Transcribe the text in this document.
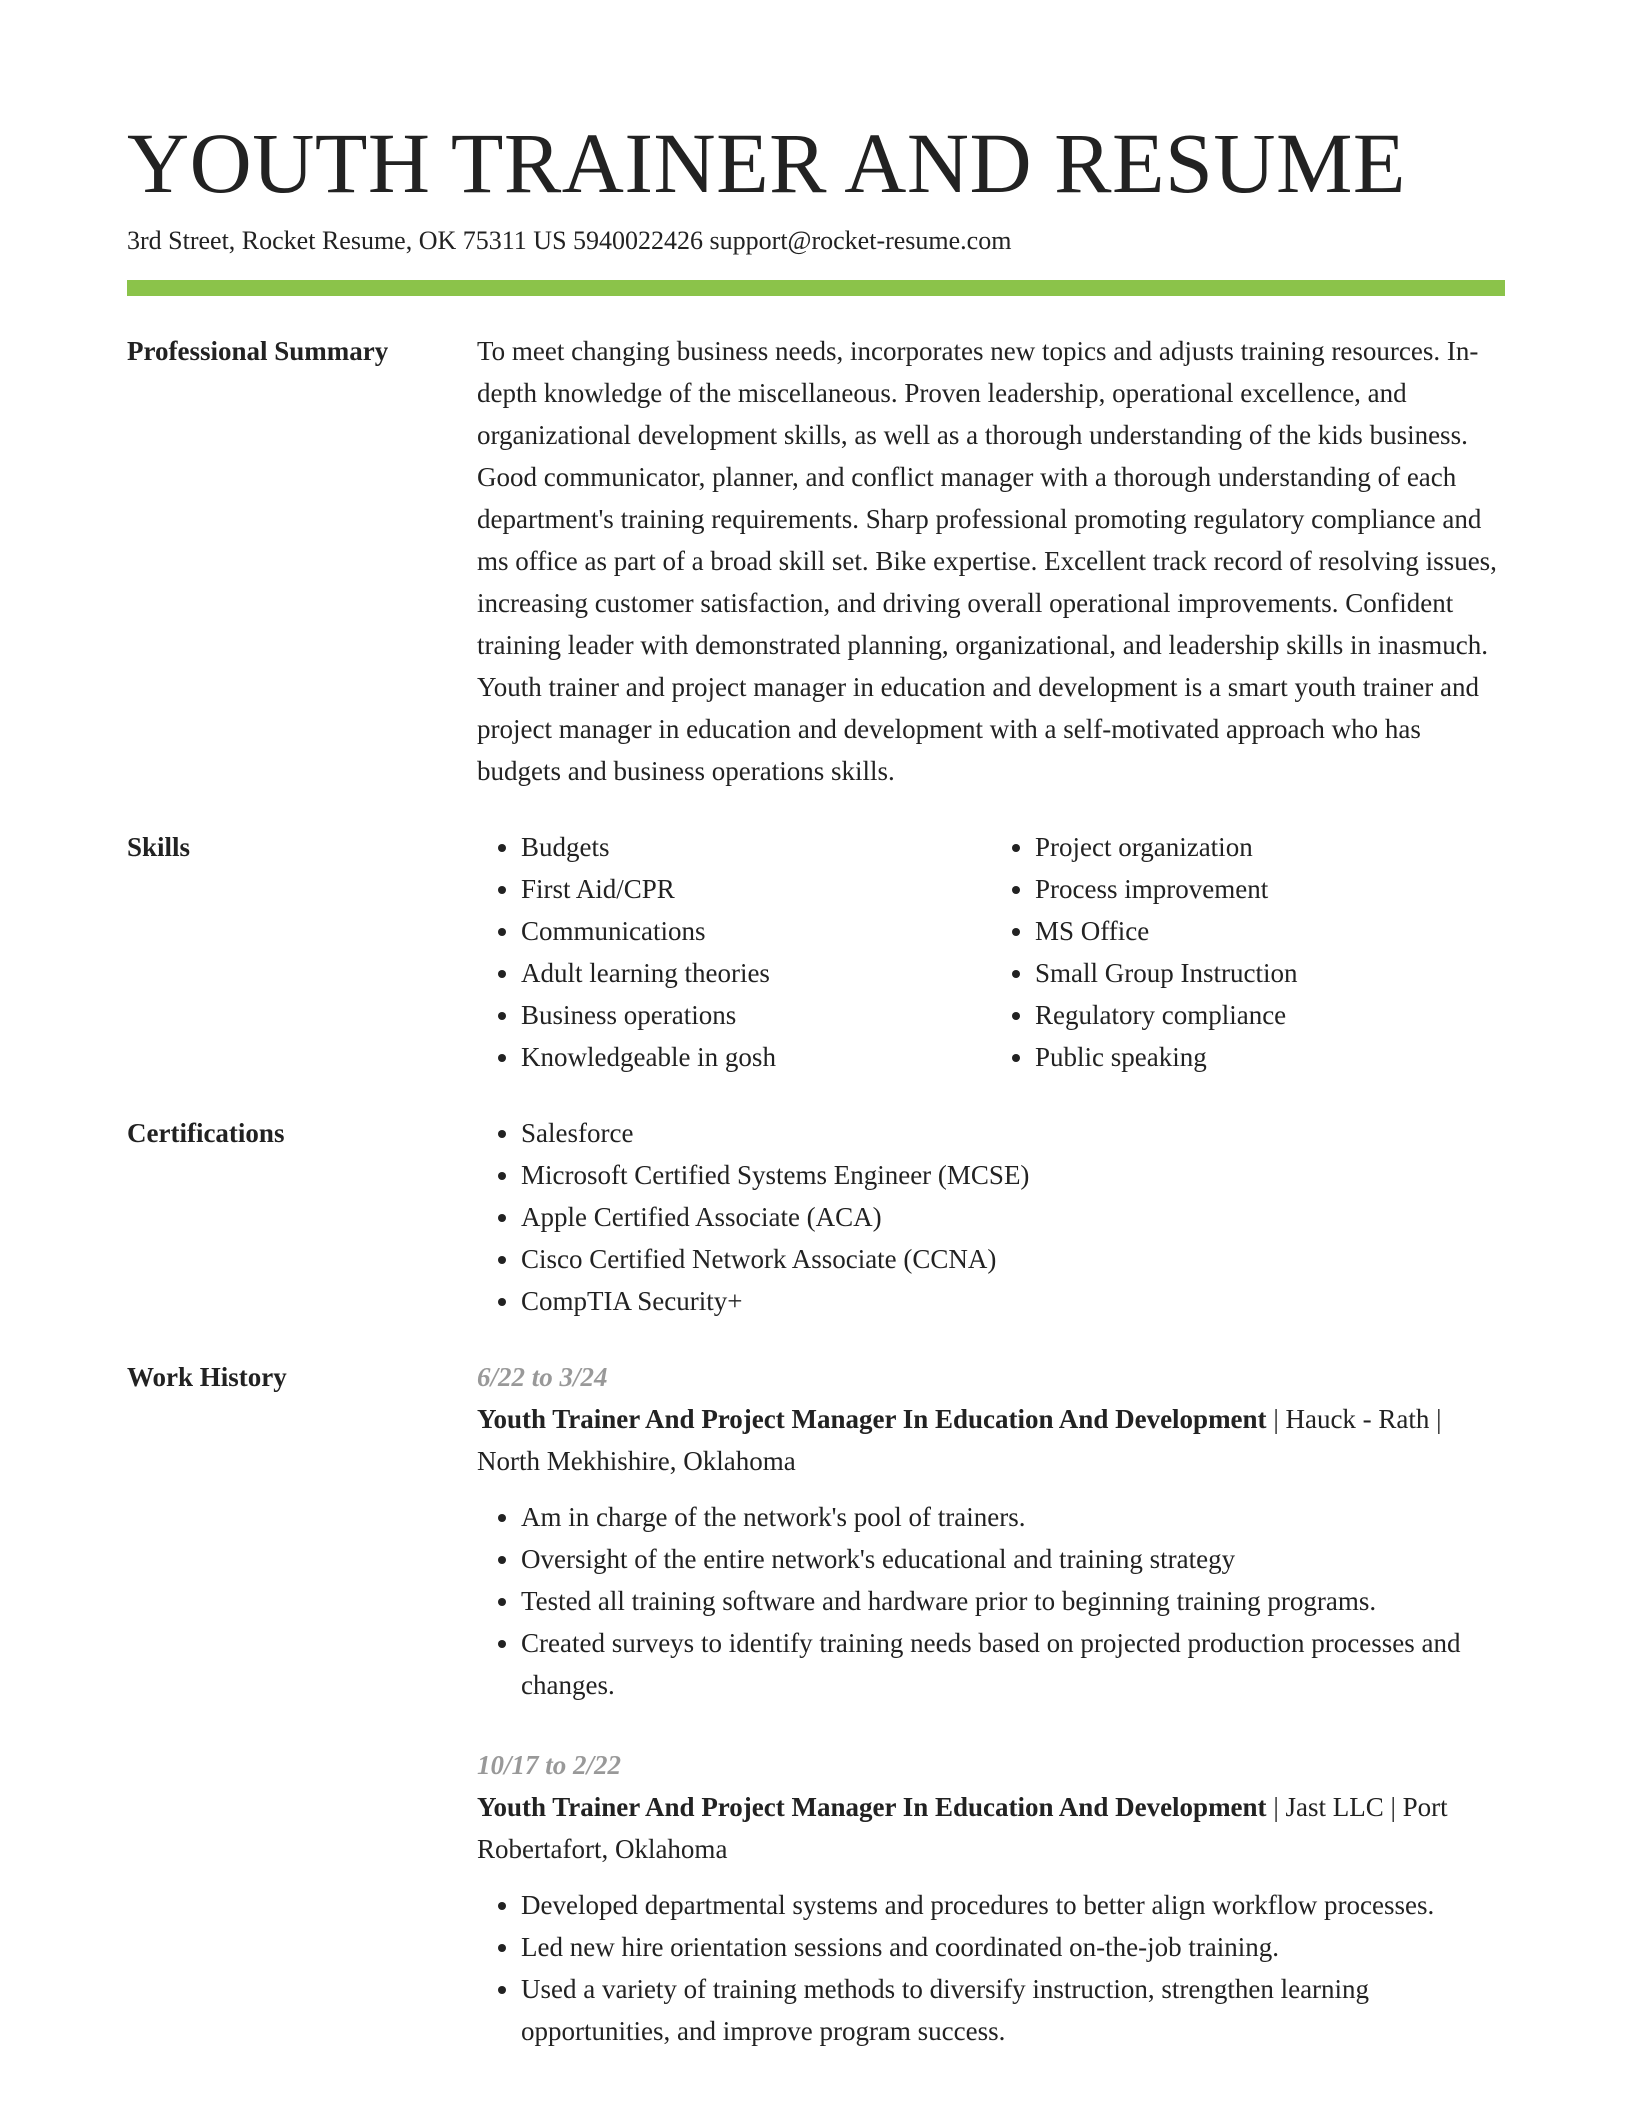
YOUTH TRAINER AND RESUME
3rd Street, Rocket Resume, OK 75311 US 5940022426 support@rocket-resume.com
Professional Summary	To meet changing business needs, incorporates new topics and adjusts training resources. In-depth knowledge of the miscellaneous. Proven leadership, operational excellence, and organizational development skills, as well as a thorough understanding of the kids business. Good communicator, planner, and conflict manager with a thorough understanding of each department's training requirements. Sharp professional promoting regulatory compliance and ms office as part of a broad skill set. Bike expertise. Excellent track record of resolving issues, increasing customer satisfaction, and driving overall operational improvements. Confident training leader with demonstrated planning, organizational, and leadership skills in inasmuch. Youth trainer and project manager in education and development is a smart youth trainer and project manager in education and development with a self-motivated approach who has budgets and business operations skills.

Skills	• Budgets
• First Aid/CPR
• Communications
• Adult learning theories
• Business operations
• Knowledgeable in gosh
• Project organization
• Process improvement
• MS Office
• Small Group Instruction
• Regulatory compliance
• Public speaking
Certifications	• Salesforce
• Microsoft Certified Systems Engineer (MCSE)
• Apple Certified Associate (ACA)
• Cisco Certified Network Associate (CCNA)
• CompTIA Security+
Work History	6/22 to 3/24
Youth Trainer And Project Manager In Education And Development | Hauck - Rath | North Mekhishire, Oklahoma
• Am in charge of the network's pool of trainers.
• Oversight of the entire network's educational and training strategy
• Tested all training software and hardware prior to beginning training programs.
• Created surveys to identify training needs based on projected production processes and changes.
10/17 to 2/22
Youth Trainer And Project Manager In Education And Development | Jast LLC | Port Robertafort, Oklahoma
• Developed departmental systems and procedures to better align workflow processes.
• Led new hire orientation sessions and coordinated on-the-job training.
• Used a variety of training methods to diversify instruction, strengthen learning opportunities, and improve program success.
